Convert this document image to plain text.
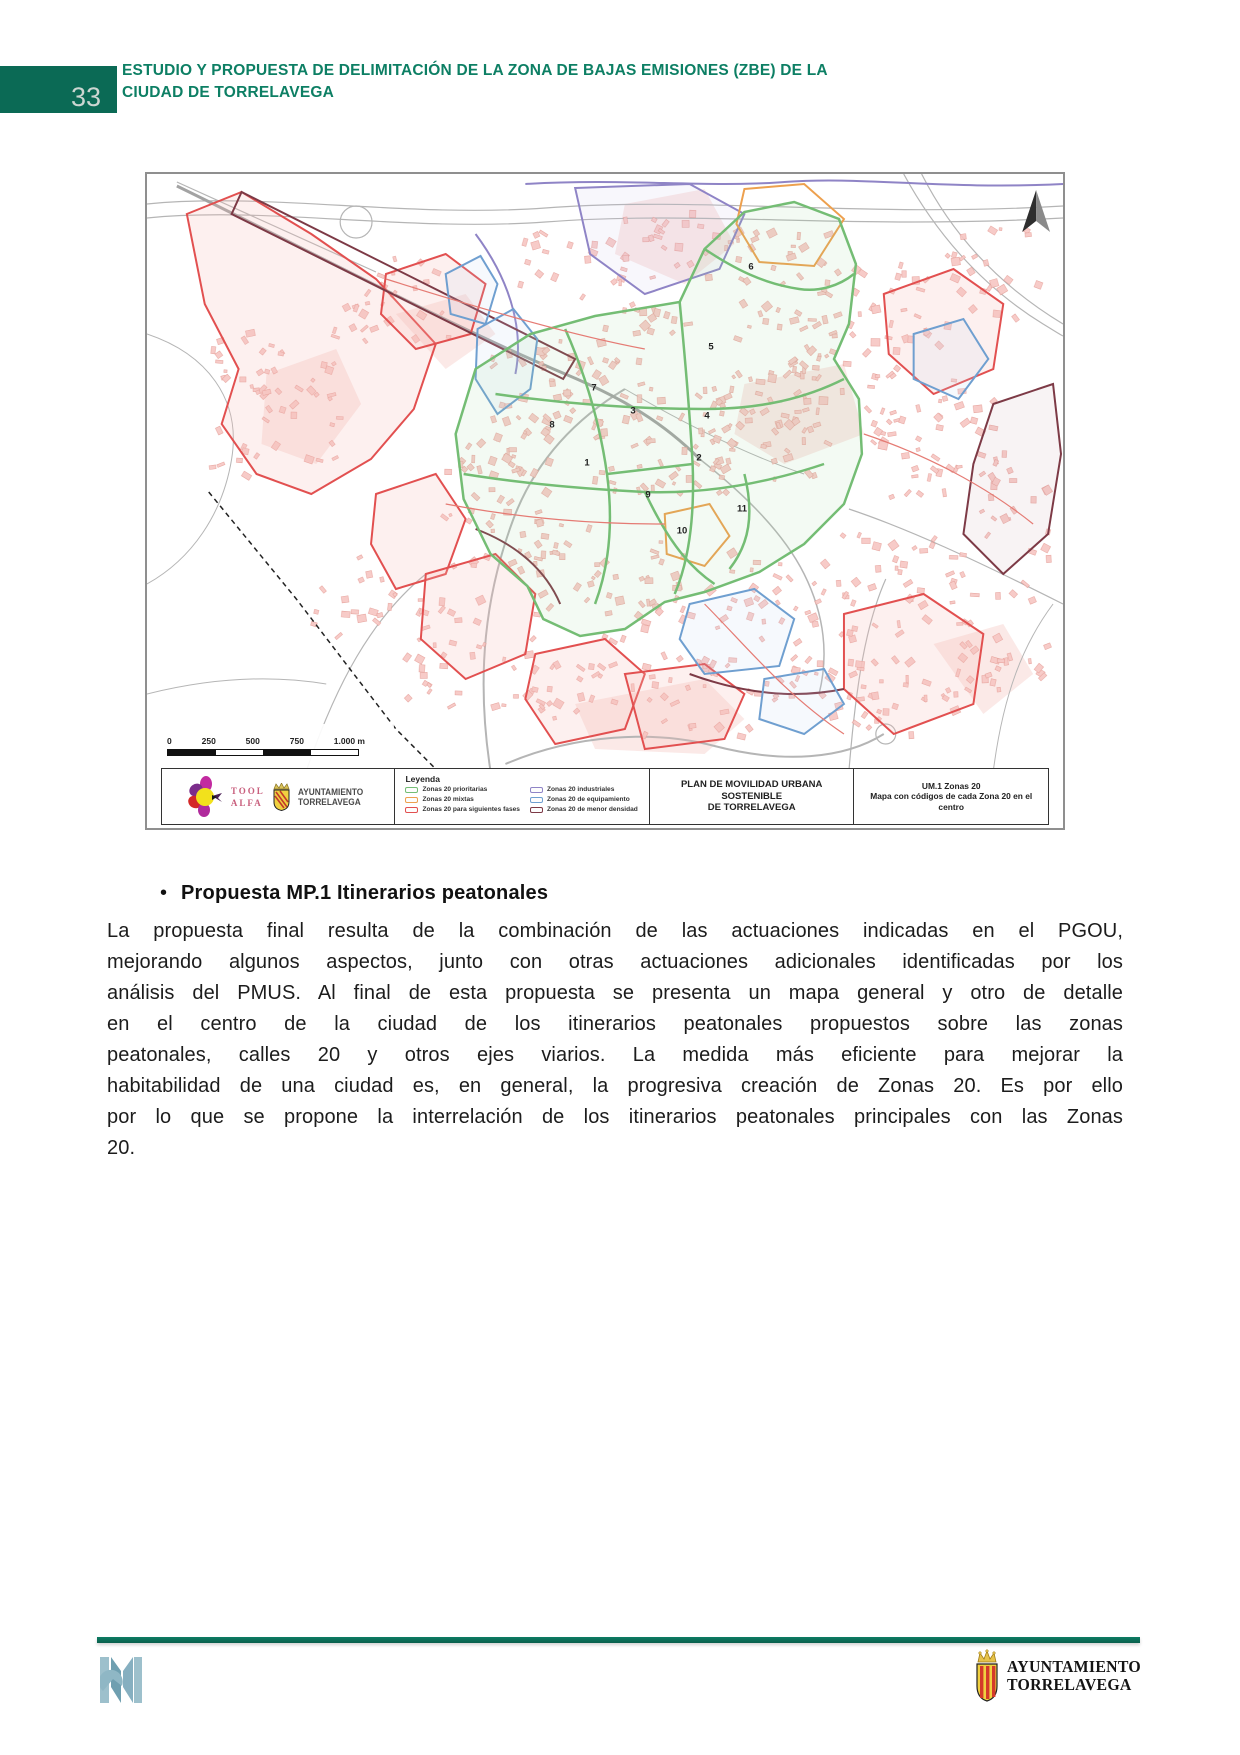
33
ESTUDIO Y PROPUESTA DE DELIMITACIÓN DE LA ZONA DE BAJAS EMISIONES (ZBE) DE LA
CIUDAD DE TORRELAVEGA
1	2
3	4
5
6
7
8
9
10
11
0	250	500	750	1.000 m
TOOL
ALFA
AYUNTAMIENTO
TORRELAVEGA
Leyenda
Zonas 20 prioritarias
Zonas 20 mixtas
Zonas 20 para siguientes fases
Zonas 20 industriales
Zonas 20 de equipamiento
Zonas 20 de menor densidad
PLAN DE MOVILIDAD URBANA
SOSTENIBLE
DE TORRELAVEGA
UM.1 Zonas 20
Mapa con códigos de cada Zona 20 en el
centro
• Propuesta MP.1 Itinerarios peatonales
La propuesta final resulta de la combinación de las actuaciones indicadas en el PGOU,
mejorando algunos aspectos, junto con otras actuaciones adicionales identificadas por los
análisis del PMUS. Al final de esta propuesta se presenta un mapa general y otro de detalle
en el centro de la ciudad de los itinerarios peatonales propuestos sobre las zonas
peatonales, calles 20 y otros ejes viarios. La medida más eficiente para mejorar la
habitabilidad de una ciudad es, en general, la progresiva creación de Zonas 20. Es por ello
por lo que se propone la interrelación de los itinerarios peatonales principales con las Zonas
20.
AYUNTAMIENTO
TORRELAVEGA
